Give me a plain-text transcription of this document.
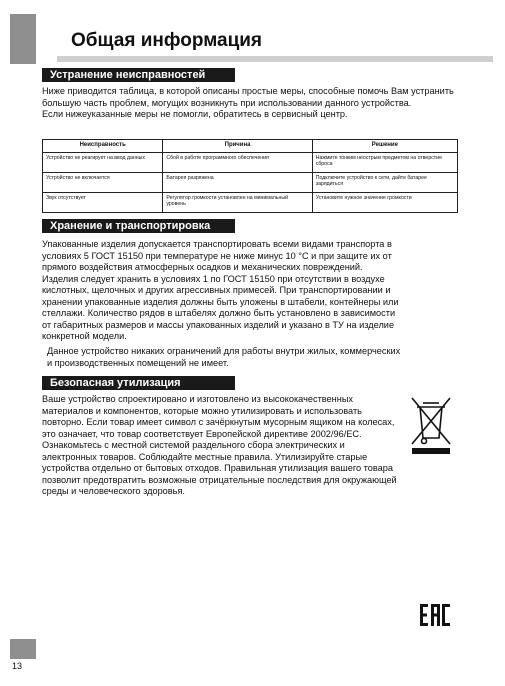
Общая информация
Устранение неисправностей

Ниже приводится таблица, в которой описаны простые меры, способные помочь Вам устранить

большую часть проблем, могущих возникнуть при использовании данного устройства.

Если нижеуказанные меры не помогли, обратитесь в сервисный центр.

Неисправность	Причина	Решение
Устройство не реагирует на ввод данных	Сбой в работе программного обеспечения	Нажмите тонким неострым предметом на отверстие сброса
Устройство не включается	Батарея разряжена	Подключите устройство к сети, дайте батарее зарядиться
Звук отсутствует	Регулятор громкости установлен на минимальный уровень	Установите нужное значение громкости
Хранение и транспортировка

Упакованные изделия допускается транспортировать всеми видами транспорта в

условиях 5 ГОСТ 15150 при температуре не ниже минус 10 °С и при защите их от

прямого воздействия атмосферных осадков и механических повреждений.

Изделия следует хранить в условиях 1 по ГОСТ 15150 при отсутствии в воздухе

кислотных, щелочных и других агрессивных примесей. При транспортировании и

хранении упакованные изделия должны быть уложены в штабели, контейнеры или

стеллажи. Количество рядов в штабелях должно быть установлено в зависимости

от габаритных размеров и массы упакованных изделий и указано в ТУ на изделие

конкретной модели.

Данное устройство никаких ограничений для работы внутри жилых, коммерческих

и производственных помещений не имеет.

Безопасная утилизация

Ваше устройство спроектировано и изготовлено из высококачественных

материалов и компонентов, которые можно утилизировать и использовать

повторно. Если товар имеет символ с зачёркнутым мусорным ящиком на колесах,

это означает, что товар соответствует Европейской директиве 2002/96/ЕС.

Ознакомьтесь с местной системой раздельного сбора электрических и

электронных товаров. Соблюдайте местные правила. Утилизируйте старые

устройства отдельно от бытовых отходов. Правильная утилизация вашего товара

позволит предотвратить возможные отрицательные последствия для окружающей

среды и человеческого здоровья.

13
